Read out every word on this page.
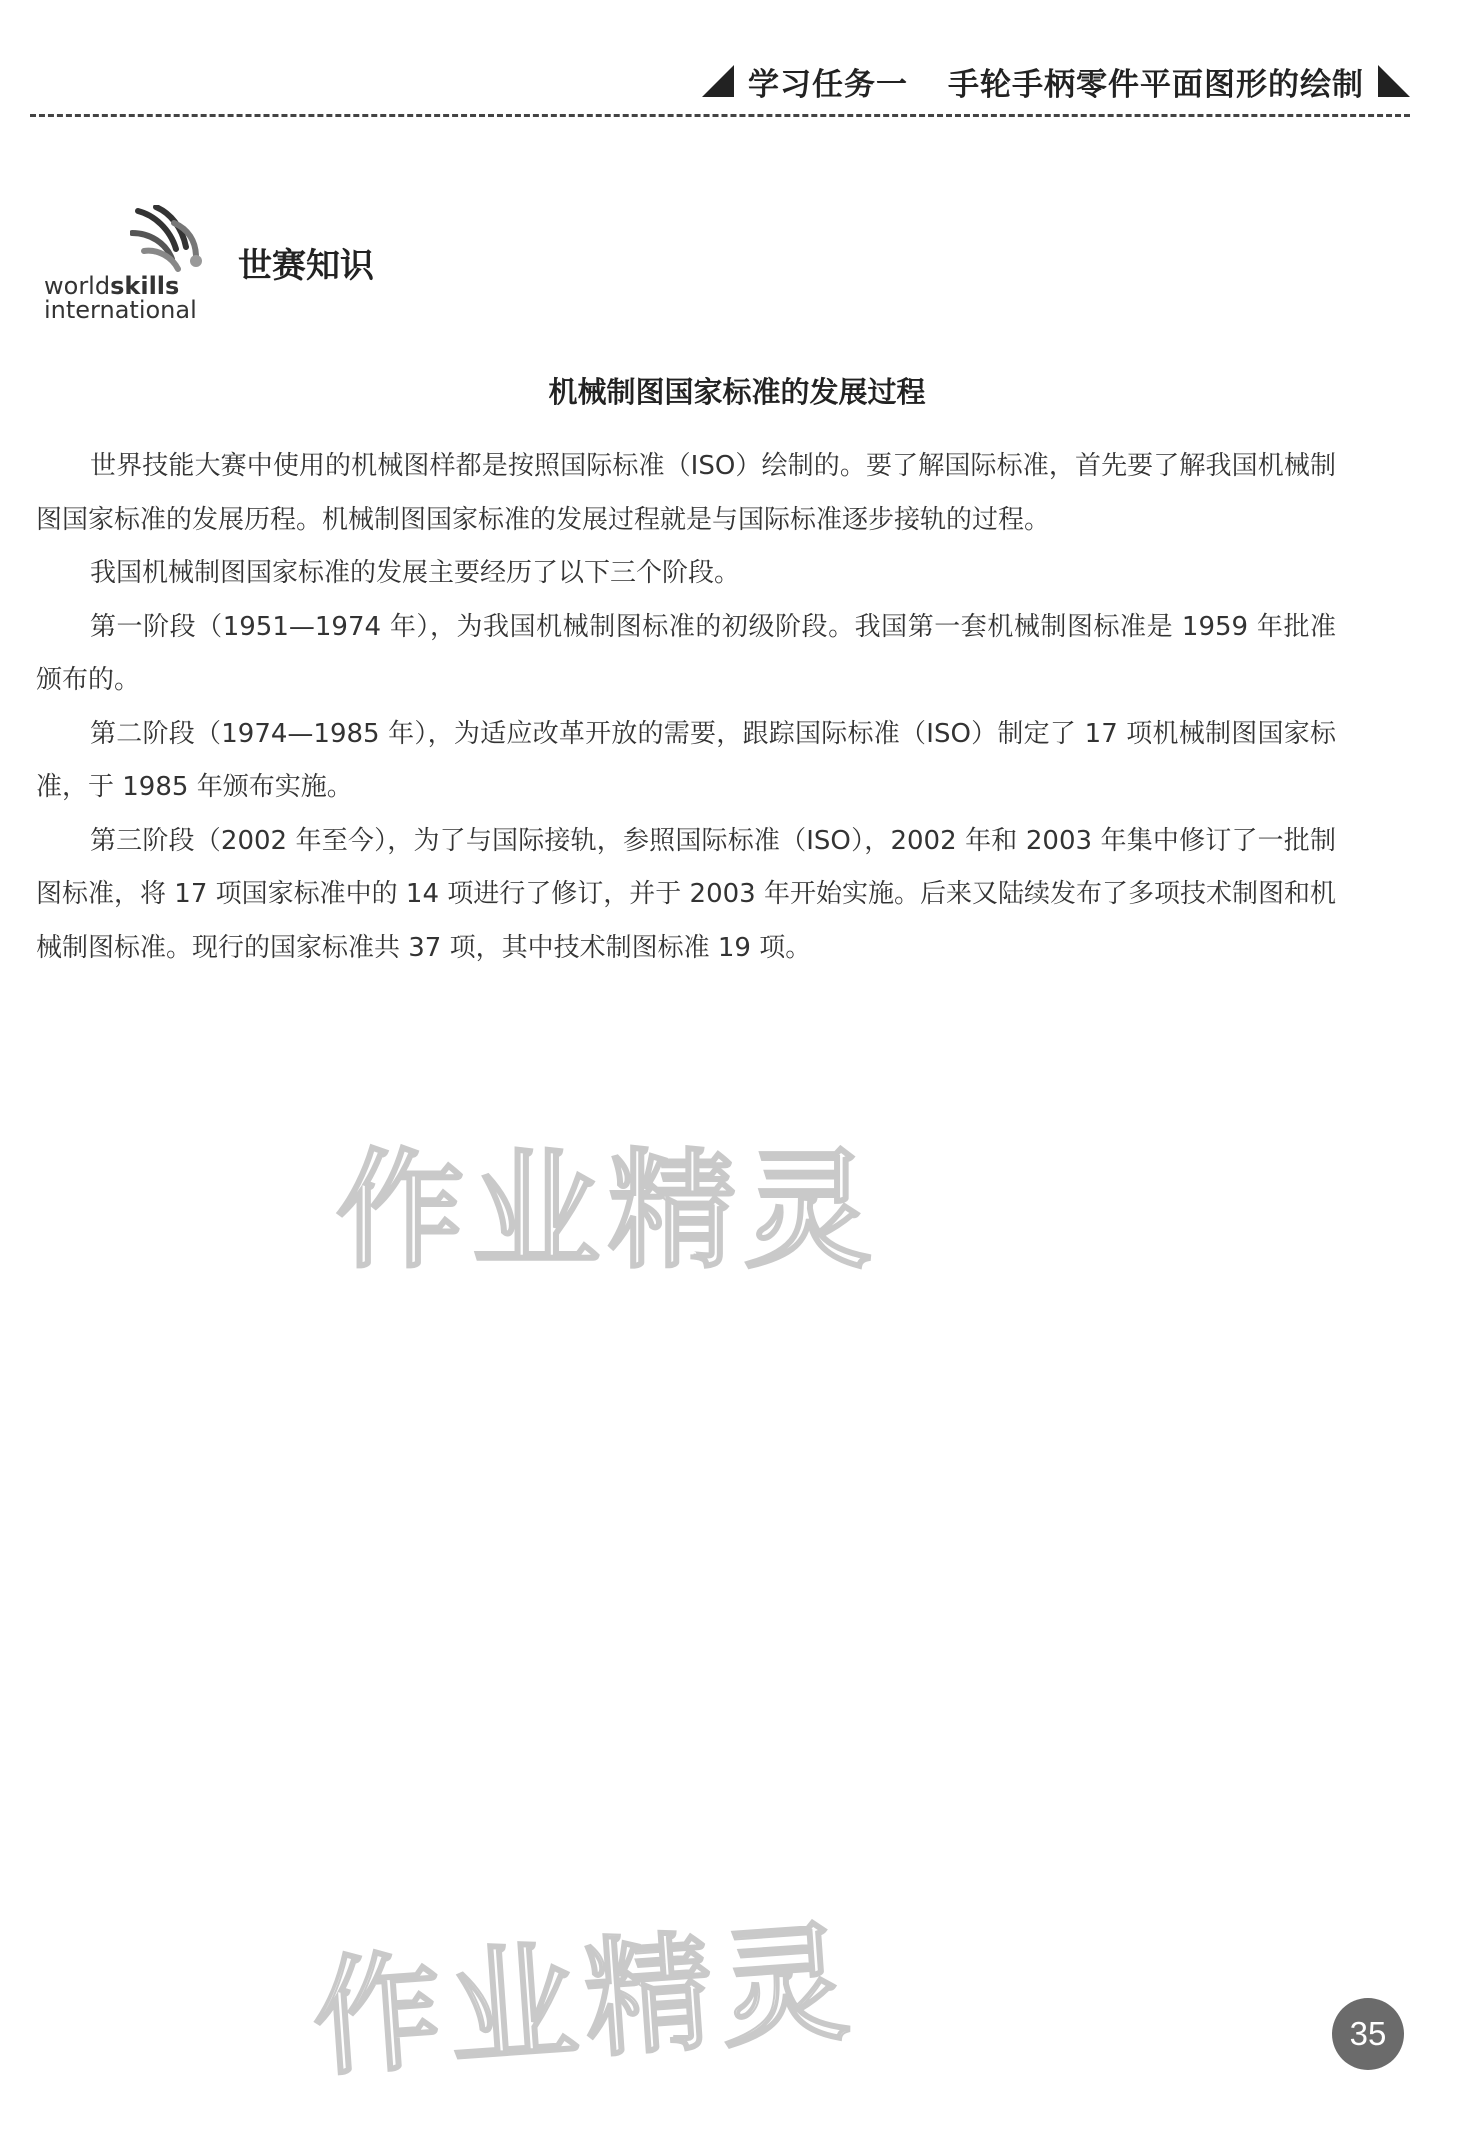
学习任务一 手轮手柄零件平面图形的绘制
worldskills
international
世赛知识
机械制图国家标准的发展过程

世界技能大赛中使用的机械图样都是按照国际标准（ISO）绘制的。要了解国际标准，首先要了解我国机械制图国家标准的发展历程。机械制图国家标准的发展过程就是与国际标准逐步接轨的过程。

我国机械制图国家标准的发展主要经历了以下三个阶段。

第一阶段（1951—1974 年），为我国机械制图标准的初级阶段。我国第一套机械制图标准是 1959 年批准颁布的。

第二阶段（1974—1985 年），为适应改革开放的需要，跟踪国际标准（ISO）制定了 17 项机械制图国家标准，于 1985 年颁布实施。

第三阶段（2002 年至今），为了与国际接轨，参照国际标准（ISO），2002 年和 2003 年集中修订了一批制图标准，将 17 项国家标准中的 14 项进行了修订，并于 2003 年开始实施。后来又陆续发布了多项技术制图和机械制图标准。现行的国家标准共 37 项，其中技术制图标准 19 项。

作业精灵
作业精灵	35
